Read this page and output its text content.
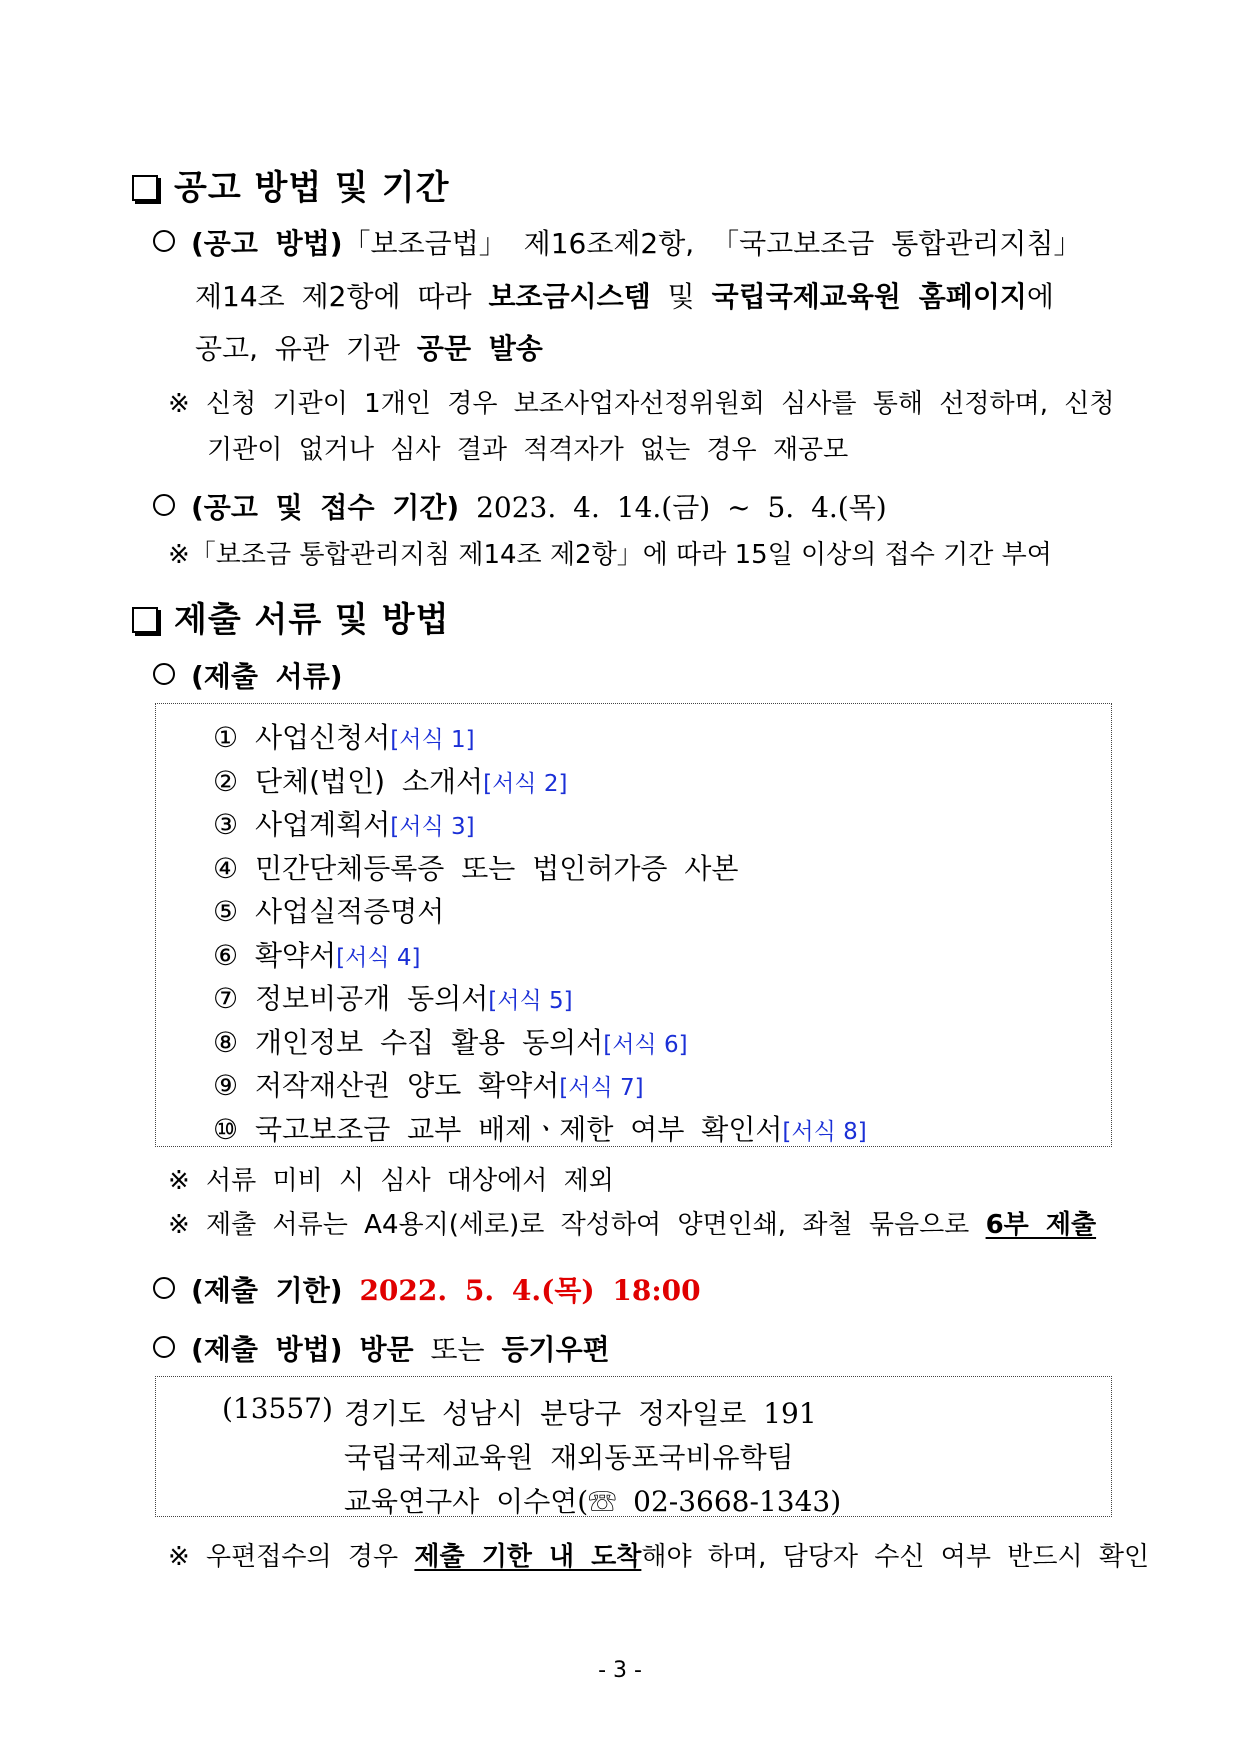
공고 방법 및 기간
(공고 방법)「보조금법」 제16조제2항, 「국고보조금 통합관리지침」
제14조 제2항에 따라 보조금시스템 및 국립국제교육원 홈페이지에
공고, 유관 기관 공문 발송
※ 신청 기관이 1개인 경우 보조사업자선정위원회 심사를 통해 선정하며, 신청
기관이 없거나 심사 결과 적격자가 없는 경우 재공모
(공고 및 접수 기간) 2023. 4. 14.(금) ~ 5. 4.(목)
※「보조금 통합관리지침 제14조 제2항」에 따라 15일 이상의 접수 기간 부여
제출 서류 및 방법
(제출 서류)
① 사업신청서[서식 1]
② 단체(법인) 소개서[서식 2]
③ 사업계획서[서식 3]
④ 민간단체등록증 또는 법인허가증 사본
⑤ 사업실적증명서
⑥ 확약서[서식 4]
⑦ 정보비공개 동의서[서식 5]
⑧ 개인정보 수집 활용 동의서[서식 6]
⑨ 저작재산권 양도 확약서[서식 7]
⑩ 국고보조금 교부 배제ㆍ제한 여부 확인서[서식 8]
※ 서류 미비 시 심사 대상에서 제외
※ 제출 서류는 A4용지(세로)로 작성하여 양면인쇄, 좌철 묶음으로 6부 제출
(제출 기한) 2022. 5. 4.(목) 18:00
(제출 방법) 방문 또는 등기우편
(13557) 경기도 성남시 분당구 정자일로 191
국립국제교육원 재외동포국비유학팀
교육연구사 이수연(☏ 02-3668-1343)
※ 우편접수의 경우 제출 기한 내 도착해야 하며, 담당자 수신 여부 반드시 확인
- 3 -
